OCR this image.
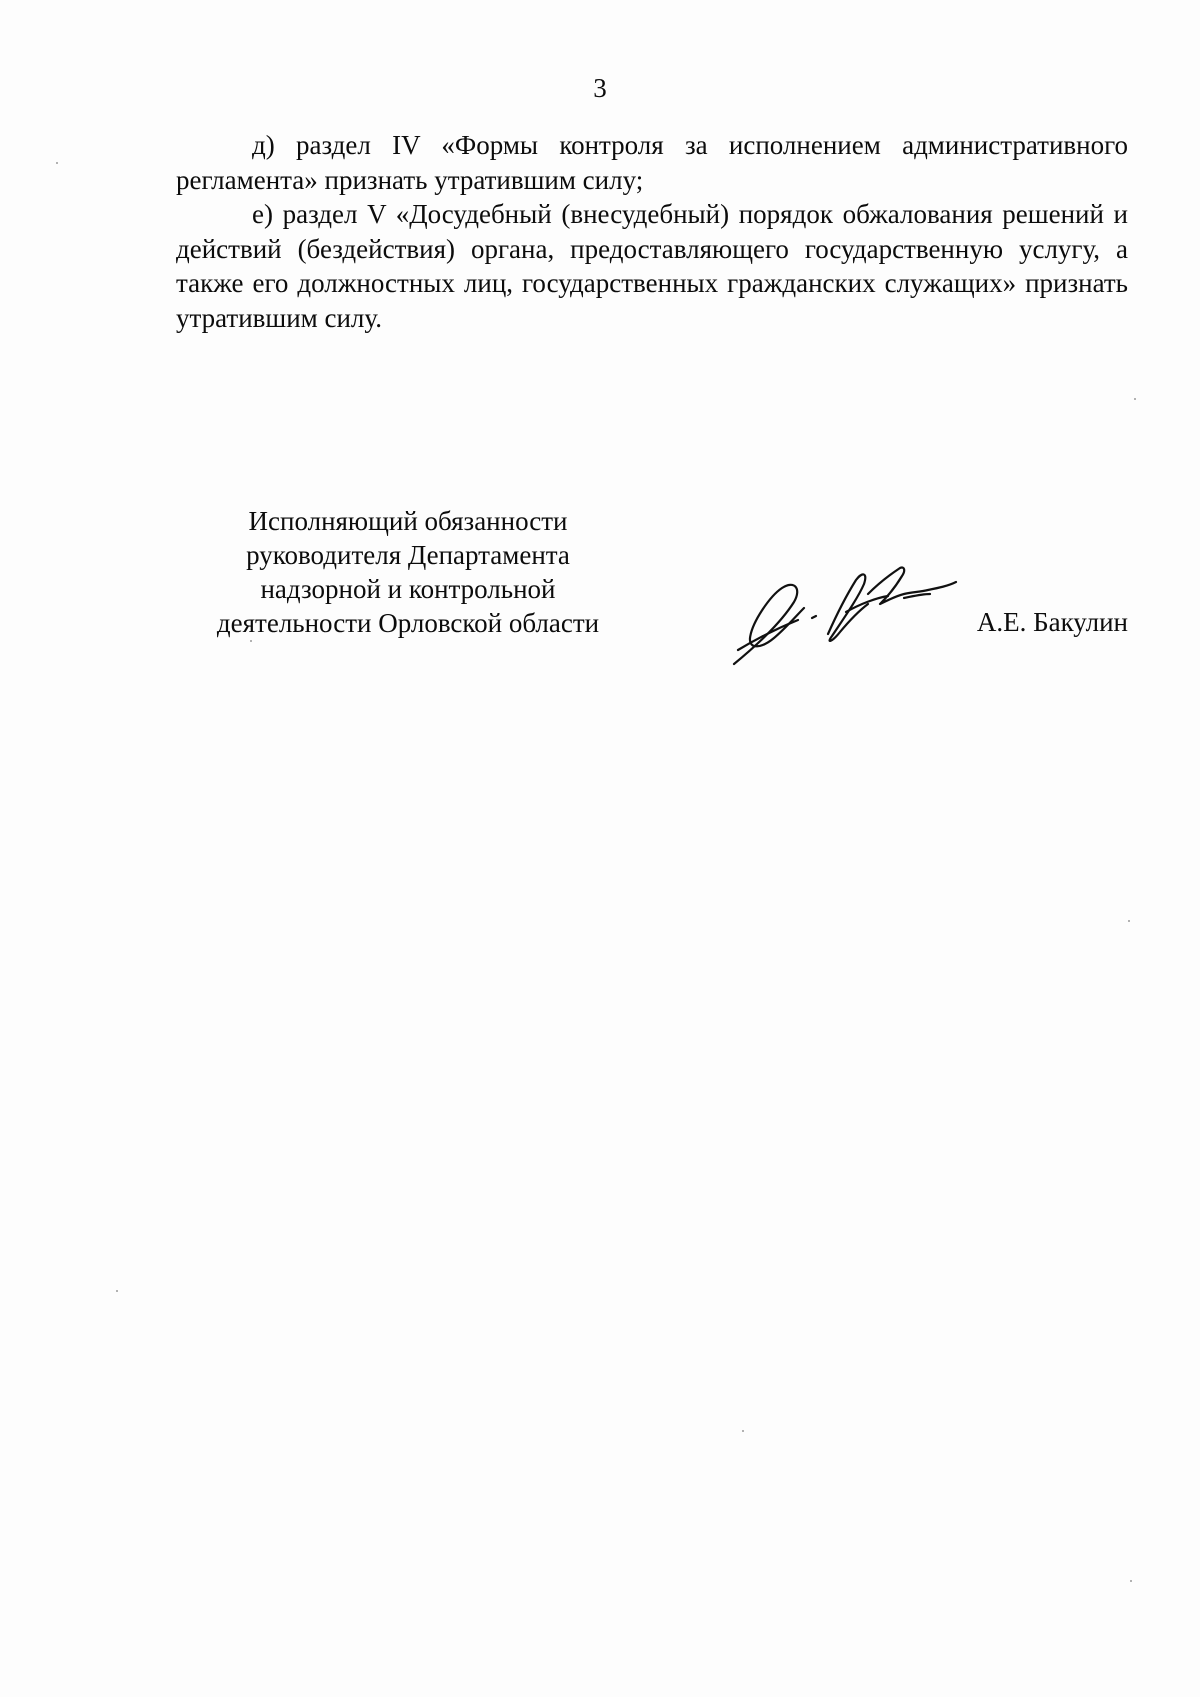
3

д) раздел IV «Формы контроля за исполнением административного регламента» признать утратившим силу;

е) раздел V «Досудебный (внесудебный) порядок обжалования решений и действий (бездействия) органа, предоставляющего государственную услугу, а также его должностных лиц, государственных гражданских служащих» признать утратившим силу.

Исполняющий обязанности
руководителя Департамента
надзорной и контрольной
деятельности Орловской области	А.Е. Бакулин
